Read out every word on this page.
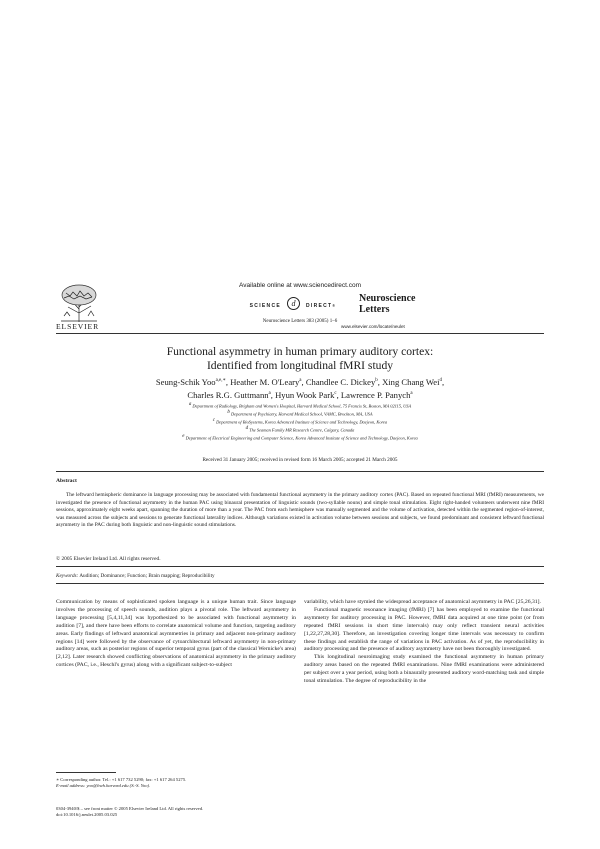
ELSEVIER
Available online at www.sciencedirect.com
SCIENCE d DIRECT®
Neuroscience Letters 383 (2005) 1–6
Neuroscience
Letters
www.elsevier.com/locate/neulet
Functional asymmetry in human primary auditory cortex:
Identified from longitudinal fMRI study
Seung-Schik Yoo$^{a,e,∗}$, Heather M. O'Leary$^a$, Chandlee C. Dickey$^b$, Xing Chang Wei$^d$,
Charles R.G. Guttmann$^a$, Hyun Wook Park$^c$, Lawrence P. Panych$^a$
$^a$ Department of Radiology, Brigham and Women's Hospital, Harvard Medical School, 75 Francis St, Boston, MA 02115, USA
$^b$ Department of Psychiatry, Harvard Medical School, VAMC, Brockton, MA, USA
$^c$ Department of BioSystems, Korea Advanced Institute of Science and Technology, Daejeon, Korea
$^d$ The Seaman Family MR Research Centre, Calgary, Canada
$^e$ Department of Electrical Engineering and Computer Science, Korea Advanced Institute of Science and Technology, Daejeon, Korea
Received 31 January 2005; received in revised form 16 March 2005; accepted 21 March 2005
Abstract
The leftward hemispheric dominance in language processing may be associated with fundamental functional asymmetry in the primary auditory cortex (PAC). Based on repeated functional MRI (fMRI) measurements, we investigated the presence of functional asymmetry in the human PAC using binaural presentation of linguistic sounds (two-syllable nouns) and simple tonal stimulation. Eight right-handed volunteers underwent nine fMRI sessions, approximately eight weeks apart, spanning the duration of more than a year. The PAC from each hemisphere was manually segmented and the volume of activation, detected within the segmented region-of-interest, was measured across the subjects and sessions to generate functional laterality indices. Although variations existed in activation volume between sessions and subjects, we found predominant and consistent leftward functional asymmetry in the PAC during both linguistic and non-linguistic sound stimulations.
© 2005 Elsevier Ireland Ltd. All rights reserved.
Keywords: Audition; Dominance; Function; Brain mapping; Reproducibility

Communication by means of sophisticated spoken language is a unique human trait. Since language involves the processing of speech sounds, audition plays a pivotal role. The leftward asymmetry in language processing [5,4,11,34] was hypothesized to be associated with functional asymmetry in audition [7], and there have been efforts to correlate anatomical volume and function, targeting auditory areas. Early findings of leftward anatomical asymmetries in primary and adjacent non-primary auditory regions [14] were followed by the observance of cytoarchitectural leftward asymmetry in non-primary auditory areas, such as posterior regions of superior temporal gyrus (part of the classical Wernicke's area) [2,12]. Later research showed conflicting observations of anatomical asymmetry in the primary auditory cortices (PAC, i.e., Heschl's gyrus) along with a significant subject-to-subject

variability, which have stymied the widespread acceptance of anatomical asymmetry in PAC [25,26,31].

Functional magnetic resonance imaging (fMRI) [7] has been employed to examine the functional asymmetry for auditory processing in PAC. However, fMRI data acquired at one time point (or from repeated fMRI sessions in short time intervals) may only reflect transient neural activities [1,22,27,28,30]. Therefore, an investigation covering longer time intervals was necessary to confirm these findings and establish the range of variations in PAC activation. As of yet, the reproducibility in auditory processing and the presence of auditory asymmetry have not been thoroughly investigated.

This longitudinal neuroimaging study examined the functional asymmetry in human primary auditory areas based on the repeated fMRI examinations. Nine fMRI examinations were administered per subject over a year period, using both a binaurally presented auditory word-matching task and simple tonal stimulation. The degree of reproducibility in the

∗ Corresponding author. Tel.: +1 617 732 5290; fax: +1 617 264 5275.
E-mail address: yoo@bwh.harvard.edu (S.-S. Yoo).
0304-3940/$ – see front matter © 2005 Elsevier Ireland Ltd. All rights reserved.
doi:10.1016/j.neulet.2005.03.025
